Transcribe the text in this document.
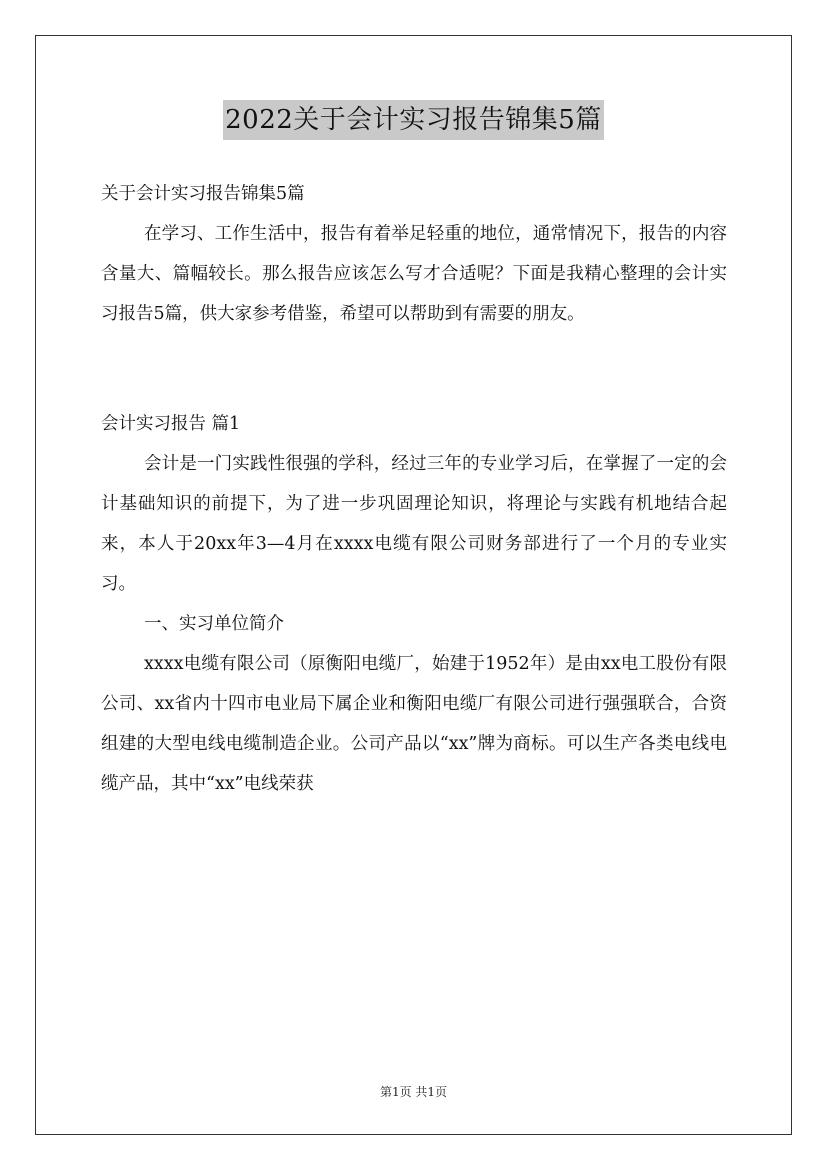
2022关于会计实习报告锦集5篇

关于会计实习报告锦集5篇

在学习、工作生活中，报告有着举足轻重的地位，通常情况下，报告的内容含量大、篇幅较长。那么报告应该怎么写才合适呢？下面是我精心整理的会计实习报告5篇，供大家参考借鉴，希望可以帮助到有需要的朋友。

会计实习报告 篇1

会计是一门实践性很强的学科，经过三年的专业学习后，在掌握了一定的会计基础知识的前提下，为了进一步巩固理论知识，将理论与实践有机地结合起来，本人于20xx年3—4月在xxxx电缆有限公司财务部进行了一个月的专业实习。

一、实习单位简介

xxxx电缆有限公司（原衡阳电缆厂，始建于1952年）是由xx电工股份有限公司、xx省内十四市电业局下属企业和衡阳电缆厂有限公司进行强强联合，合资组建的大型电线电缆制造企业。公司产品以“xx”牌为商标。可以生产各类电线电缆产品，其中“xx”电线荣获

第1页 共1页
